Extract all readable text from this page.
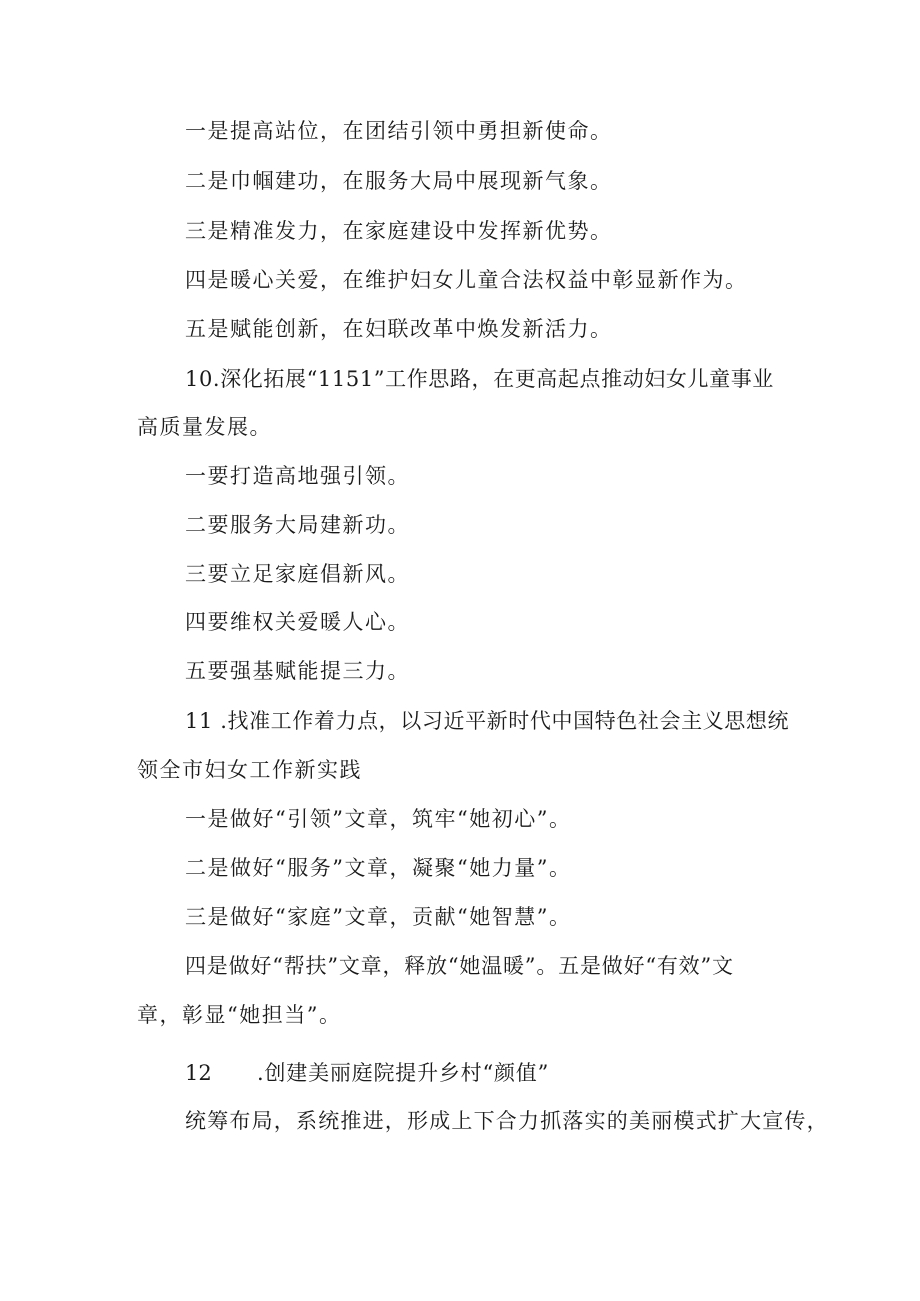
一是提高站位，在团结引领中勇担新使命。

二是巾帼建功，在服务大局中展现新气象。

三是精准发力，在家庭建设中发挥新优势。

四是暖心关爱，在维护妇女儿童合法权益中彰显新作为。

五是赋能创新，在妇联改革中焕发新活力。

10.深化拓展“1151”工作思路，在更高起点推动妇女儿童事业

高质量发展。

一要打造高地强引领。

二要服务大局建新功。

三要立足家庭倡新风。

四要维权关爱暖人心。

五要强基赋能提三力。

11 .找准工作着力点，以习近平新时代中国特色社会主义思想统

领全市妇女工作新实践

一是做好“引领”文章，筑牢“她初心”。

二是做好“服务”文章，凝聚“她力量”。

三是做好“家庭”文章，贡献“她智慧”。

四是做好“帮扶”文章，释放“她温暖”。五是做好“有效”文

章，彰显“她担当”。

12 .创建美丽庭院提升乡村“颜值”

统筹布局，系统推进，形成上下合力抓落实的美丽模式扩大宣传，
